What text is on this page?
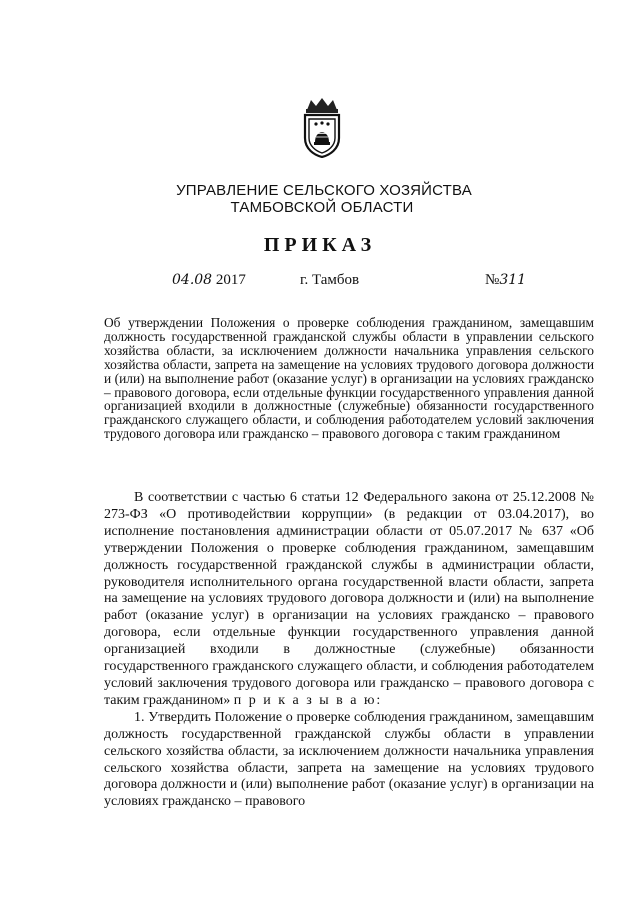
УПРАВЛЕНИЕ СЕЛЬСКОГО ХОЗЯЙСТВА
ТАМБОВСКОЙ ОБЛАСТИ
ПРИКАЗ
04.08 2017	г. Тамбов	№311

Об утверждении Положения о проверке соблюдения гражданином, замещавшим должность государственной гражданской службы области в управлении сельского хозяйства области, за исключением должности начальника управления сельского хозяйства области, запрета на замещение на условиях трудового договора должности и (или) на выполнение работ (оказание услуг) в организации на условиях гражданско – правового договора, если отдельные функции государственного управления данной организацией входили в должностные (служебные) обязанности государственного гражданского служащего области, и соблюдения работодателем условий заключения трудового договора или гражданско – правового договора с таким гражданином

В соответствии с частью 6 статьи 12 Федерального закона от 25.12.2008 № 273-ФЗ «О противодействии коррупции» (в редакции от 03.04.2017), во исполнение постановления администрации области от 05.07.2017 № 637 «Об утверждении Положения о проверке соблюдения гражданином, замещавшим должность государственной гражданской службы в администрации области, руководителя исполнительного органа государственной власти области, запрета на замещение на условиях трудового договора должности и (или) на выполнение работ (оказание услуг) в организации на условиях гражданско – правового договора, если отдельные функции государственного управления данной организацией входили в должностные (служебные) обязанности государственного гражданского служащего области, и соблюдения работодателем условий заключения трудового договора или гражданско – правового договора с таким гражданином» п р и к а з ы в а ю:

1. Утвердить Положение о проверке соблюдения гражданином, замещавшим должность государственной гражданской службы области в управлении сельского хозяйства области, за исключением должности начальника управления сельского хозяйства области, запрета на замещение на условиях трудового договора должности и (или) выполнение работ (оказание услуг) в организации на условиях гражданско – правового
